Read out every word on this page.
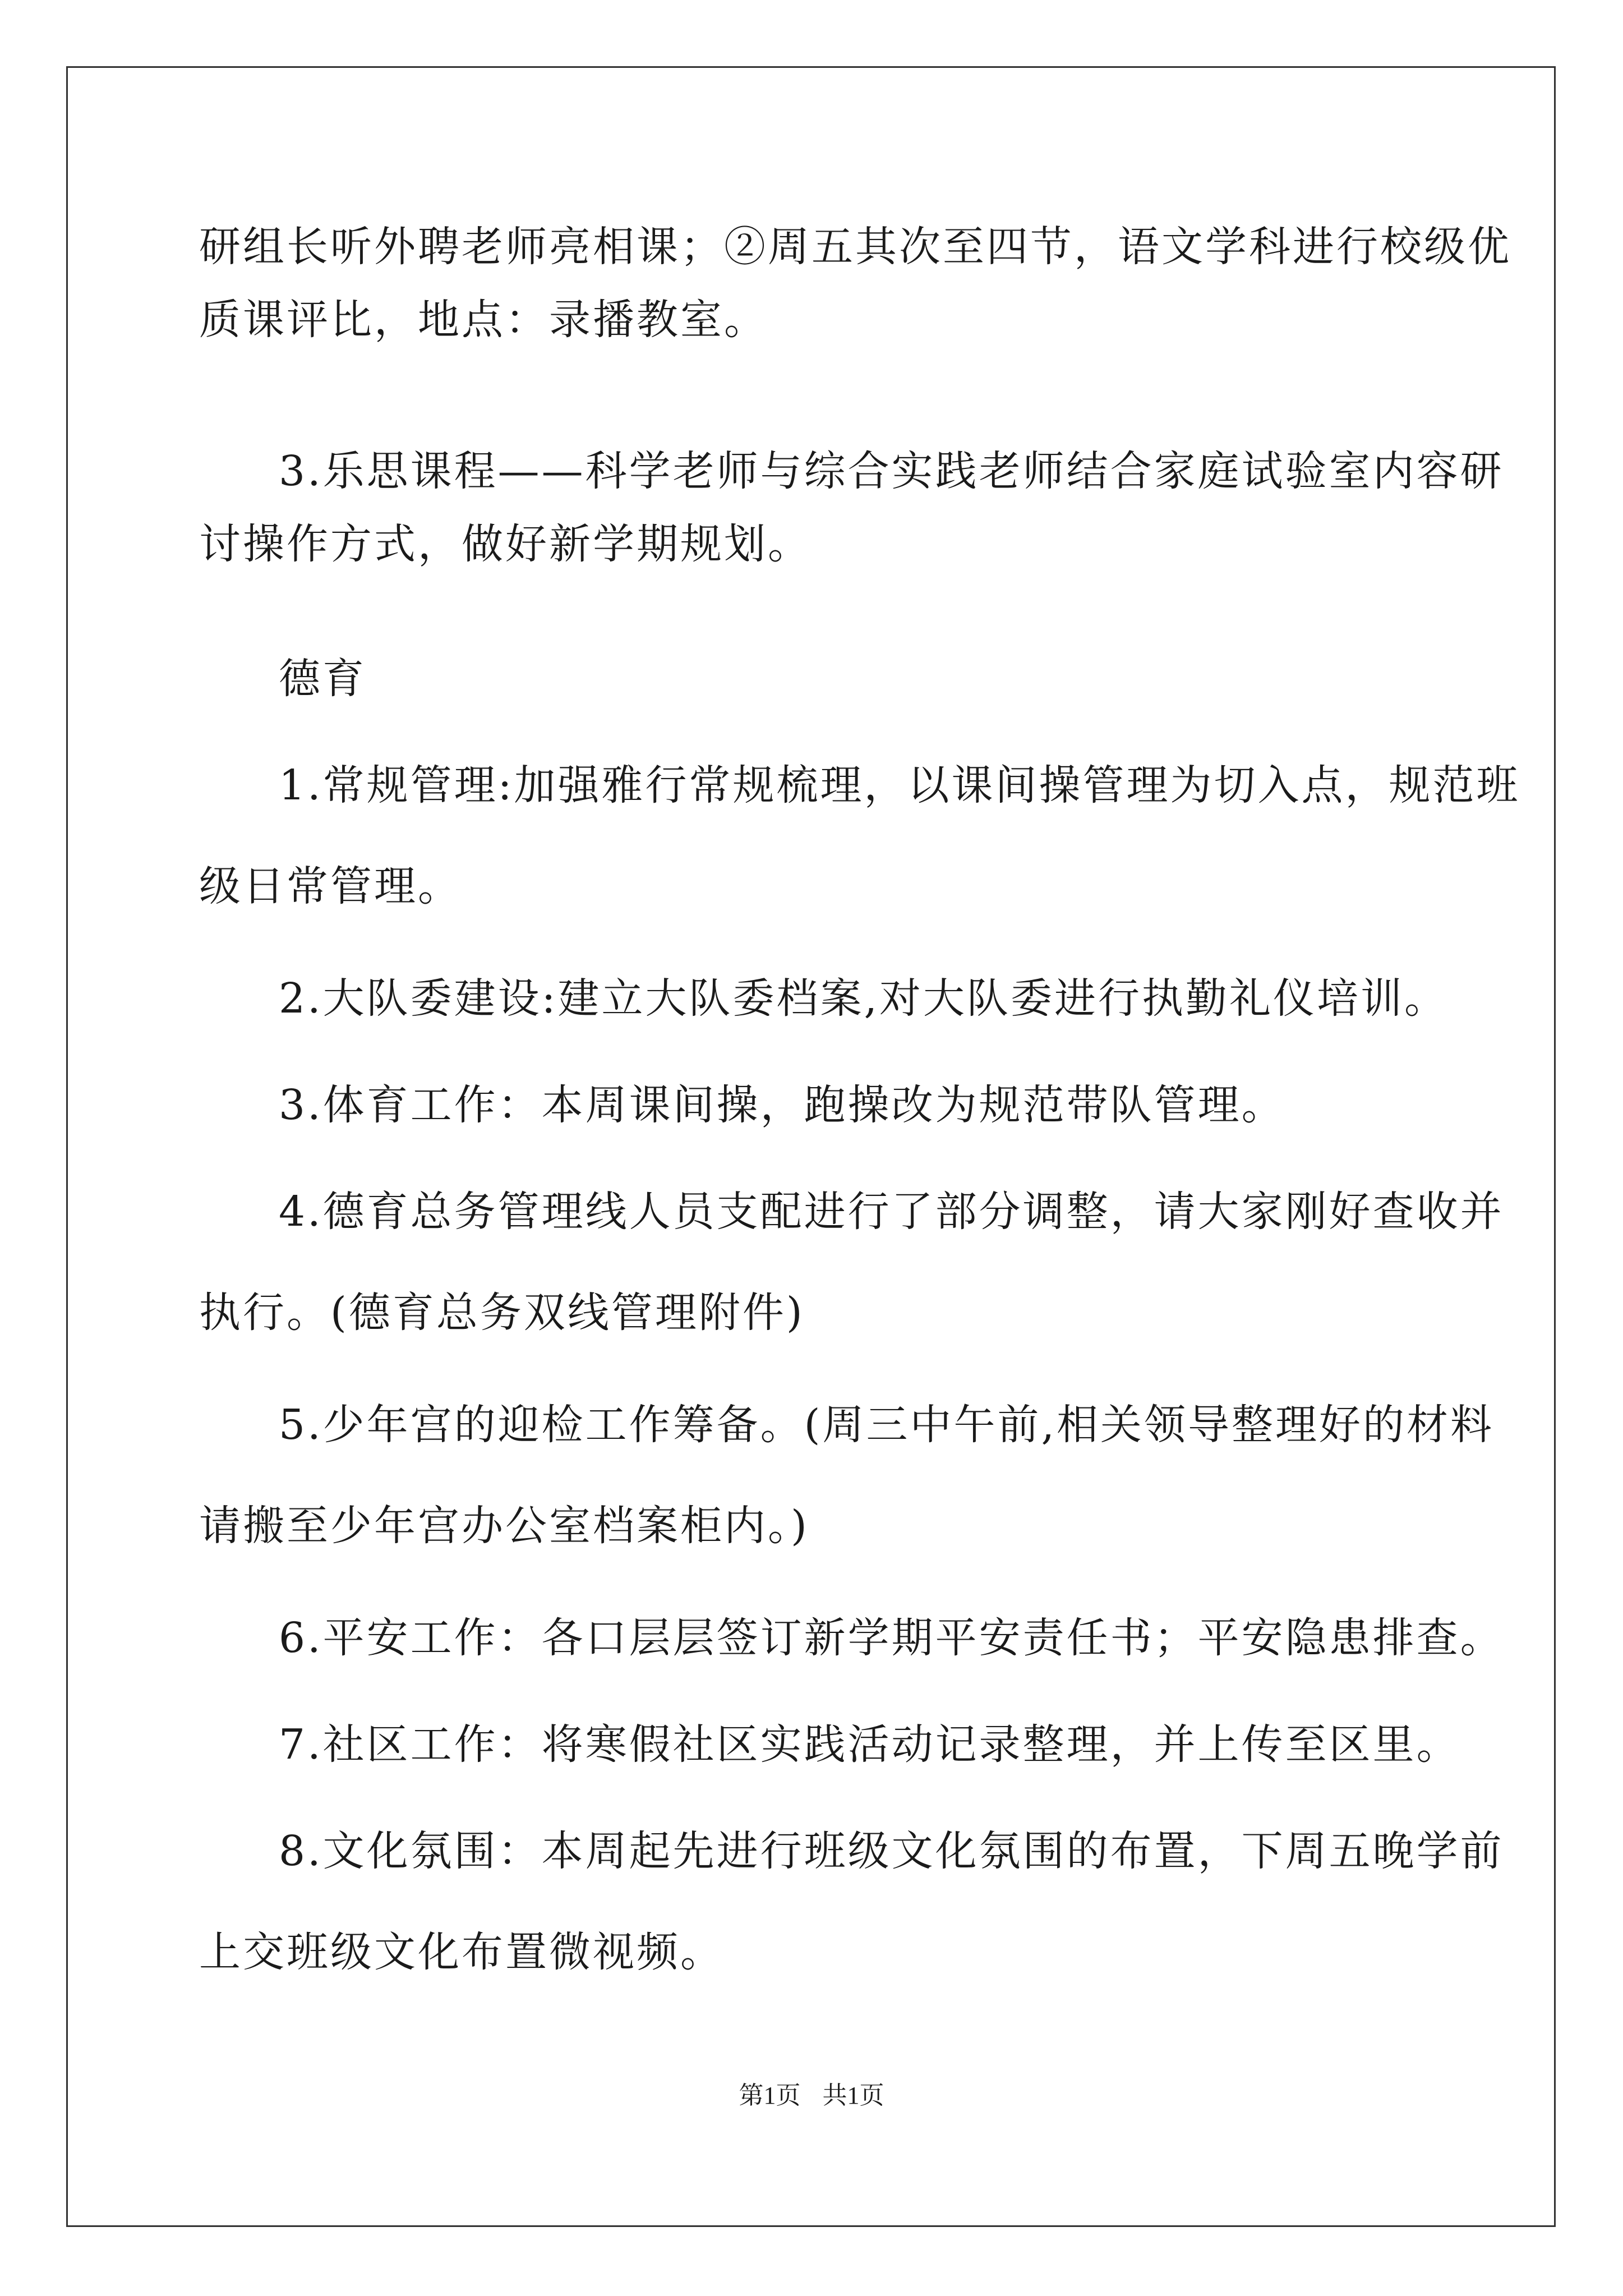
研组长听外聘老师亮相课；②周五其次至四节，语文学科进行校级优
质课评比，地点：录播教室。
3.乐思课程——科学老师与综合实践老师结合家庭试验室内容研
讨操作方式，做好新学期规划。
德育
1.常规管理:加强雅行常规梳理，以课间操管理为切入点，规范班
级日常管理。
2.大队委建设:建立大队委档案,对大队委进行执勤礼仪培训。
3.体育工作：本周课间操，跑操改为规范带队管理。
4.德育总务管理线人员支配进行了部分调整，请大家刚好查收并
执行。(德育总务双线管理附件)
5.少年宫的迎检工作筹备。(周三中午前,相关领导整理好的材料
请搬至少年宫办公室档案柜内。)
6.平安工作：各口层层签订新学期平安责任书；平安隐患排查。
7.社区工作：将寒假社区实践活动记录整理，并上传至区里。
8.文化氛围：本周起先进行班级文化氛围的布置，下周五晚学前
上交班级文化布置微视频。
第1页 共1页
